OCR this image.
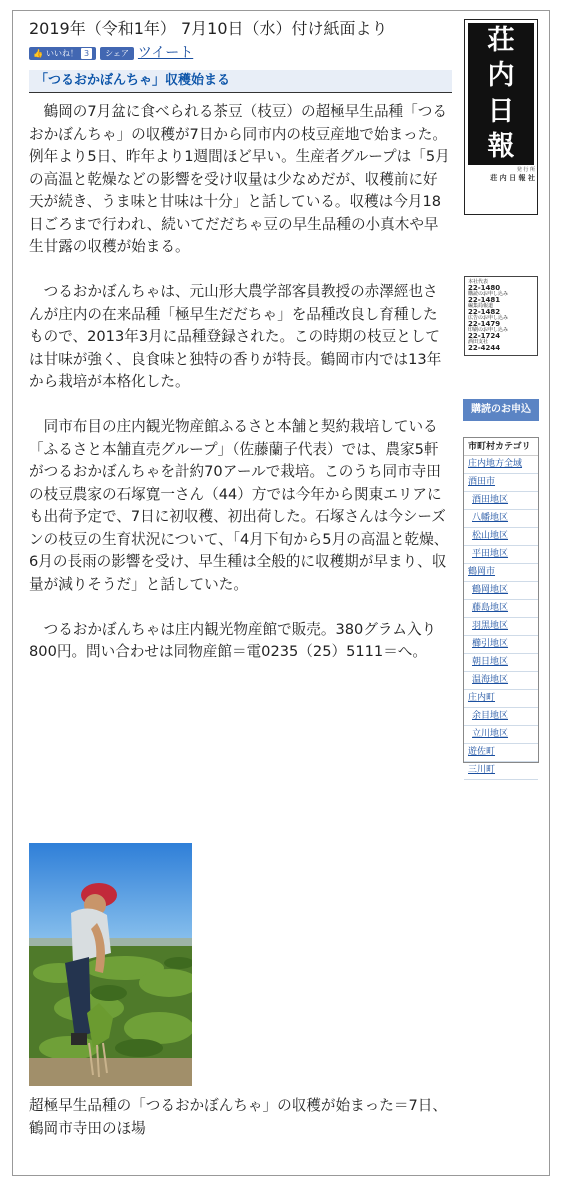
2019年（令和1年） 7月10日（水）付け紙面より

👍 いいね！ 3	シェア ツイート
「つるおかぼんちゃ」収穫始まる

鶴岡の7月盆に食べられる茶豆（枝豆）の超極早生品種「つるおかぼんちゃ」の収穫が7日から同市内の枝豆産地で始まった。例年より5日、昨年より1週間ほど早い。生産者グループは「5月の高温と乾燥などの影響を受け収量は少なめだが、収穫前に好天が続き、うま味と甘味は十分」と話している。収穫は今月18日ごろまで行われ、続いてだだちゃ豆の早生品種の小真木や早生甘露の収穫が始まる。

つるおかぼんちゃは、元山形大農学部客員教授の赤澤經也さんが庄内の在来品種「極早生だだちゃ」を品種改良し育種したもので、2013年3月に品種登録された。この時期の枝豆としては甘味が強く、良食味と独特の香りが特長。鶴岡市内では13年から栽培が本格化した。

同市布目の庄内観光物産館ふるさと本舗と契約栽培している「ふるさと本舗直売グループ」（佐藤蘭子代表）では、農家5軒がつるおかぼんちゃを計約70アールで栽培。このうち同市寺田の枝豆農家の石塚寛一さん（44）方では今年から関東エリアにも出荷予定で、7日に初収穫、初出荷した。石塚さんは今シーズンの枝豆の生育状況について、「4月下旬から5月の高温と乾燥、6月の長雨の影響を受け、早生種は全般的に収穫期が早まり、収量が減りそうだ」と話していた。

つるおかぼんちゃは庄内観光物産館で販売。380グラム入り800円。問い合わせは同物産館＝電0235（25）5111＝へ。

超極早生品種の「つるおかぼんちゃ」の収穫が始まった＝7日、鶴岡市寺田のほ場
荘
内
日
報
発 行 所
荘 内 日 報 社
本社代表
22-1480
購読のお申し込み
22-1481
編集局報道
22-1482
広告のお申し込み
22-1479
印刷のお申し込み
22-1724
酒田支社
22-4244
購読のお申込
市町村カテゴリ
庄内地方全域
酒田市
酒田地区
八幡地区
松山地区
平田地区
鶴岡市
鶴岡地区
藤島地区
羽黒地区
櫛引地区
朝日地区
温海地区
庄内町
余目地区
立川地区
遊佐町
三川町
